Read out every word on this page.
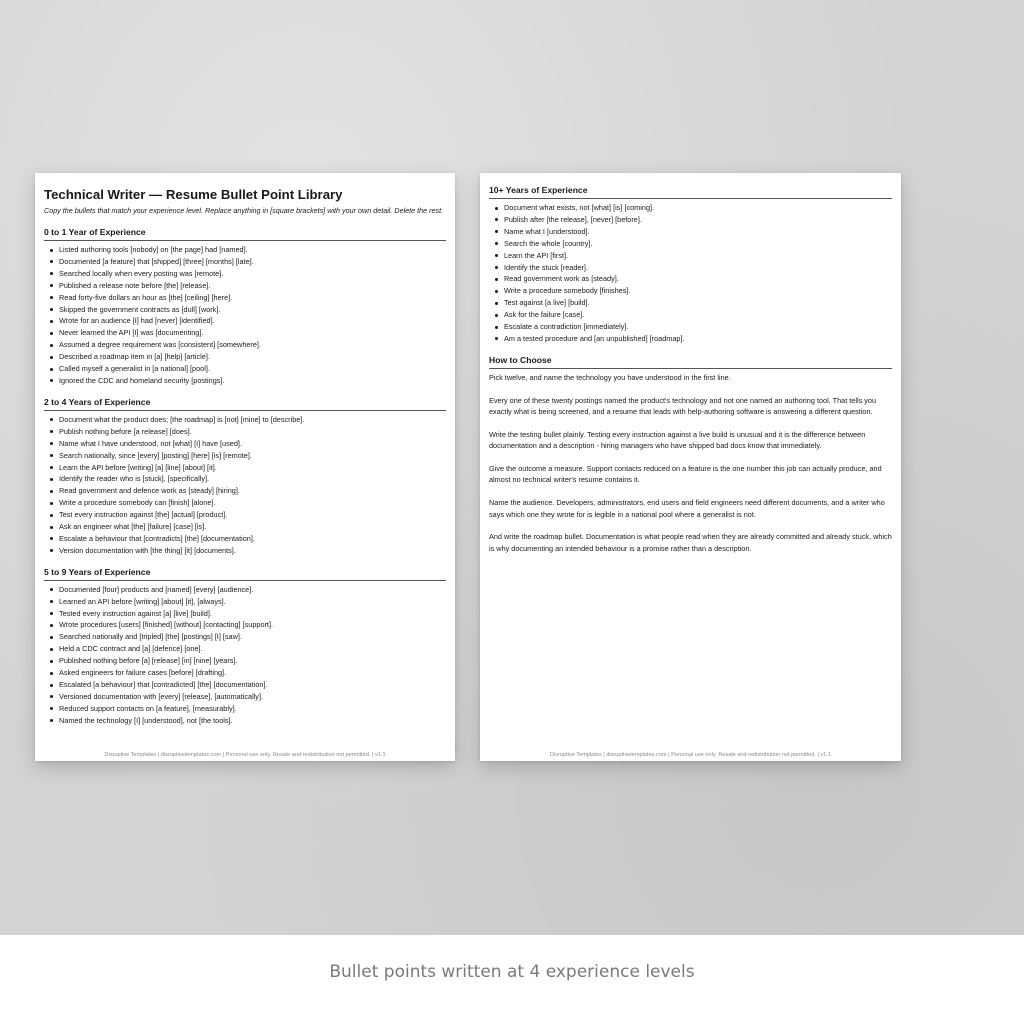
Technical Writer — Resume Bullet Point Library
Copy the bullets that match your experience level. Replace anything in [square brackets] with your own detail. Delete the rest.
0 to 1 Year of Experience
Listed authoring tools [nobody] on [the page] had [named].
Documented [a feature] that [shipped] [three] [months] [late].
Searched locally when every posting was [remote].
Published a release note before [the] [release].
Read forty-five dollars an hour as [the] [ceiling] [here].
Skipped the government contracts as [dull] [work].
Wrote for an audience [I] had [never] [identified].
Never learned the API [I] was [documenting].
Assumed a degree requirement was [consistent] [somewhere].
Described a roadmap item in [a] [help] [article].
Called myself a generalist in [a national] [pool].
Ignored the CDC and homeland security [postings].
2 to 4 Years of Experience
Document what the product does; [the roadmap] is [not] [mine] to [describe].
Publish nothing before [a release] [does].
Name what I have understood, not [what] [I] have [used].
Search nationally, since [every] [posting] [here] [is] [remote].
Learn the API before [writing] [a] [line] [about] [it].
Identify the reader who is [stuck], [specifically].
Read government and defence work as [steady] [hiring].
Write a procedure somebody can [finish] [alone].
Test every instruction against [the] [actual] [product].
Ask an engineer what [the] [failure] [case] [is].
Escalate a behaviour that [contradicts] [the] [documentation].
Version documentation with [the thing] [it] [documents].
5 to 9 Years of Experience
Documented [four] products and [named] [every] [audience].
Learned an API before [writing] [about] [it], [always].
Tested every instruction against [a] [live] [build].
Wrote procedures [users] [finished] [without] [contacting] [support].
Searched nationally and [tripled] [the] [postings] [I] [saw].
Held a CDC contract and [a] [defence] [one].
Published nothing before [a] [release] [in] [nine] [years].
Asked engineers for failure cases [before] [drafting].
Escalated [a behaviour] that [contradicted] [the] [documentation].
Versioned documentation with [every] [release], [automatically].
Reduced support contacts on [a feature], [measurably].
Named the technology [I] [understood], not [the tools].
Disruptive Templates | disruptivetemplates.com | Personal use only. Resale and redistribution not permitted. | v1.1
10+ Years of Experience
Document what exists, not [what] [is] [coming].
Publish after [the release], [never] [before].
Name what I [understood].
Search the whole [country].
Learn the API [first].
Identify the stuck [reader].
Read government work as [steady].
Write a procedure somebody [finishes].
Test against [a live] [build].
Ask for the failure [case].
Escalate a contradiction [immediately].
Am a tested procedure and [an unpublished] [roadmap].
How to Choose

Pick twelve, and name the technology you have understood in the first line.

Every one of these twenty postings named the product's technology and not one named an authoring tool. That tells you exactly what is being screened, and a resume that leads with help-authoring software is answering a different question.

Write the testing bullet plainly. Testing every instruction against a live build is unusual and it is the difference between documentation and a description - hiring managers who have shipped bad docs know that immediately.

Give the outcome a measure. Support contacts reduced on a feature is the one number this job can actually produce, and almost no technical writer's resume contains it.

Name the audience. Developers, administrators, end users and field engineers need different documents, and a writer who says which one they wrote for is legible in a national pool where a generalist is not.

And write the roadmap bullet. Documentation is what people read when they are already committed and already stuck, which is why documenting an intended behaviour is a promise rather than a description.

Disruptive Templates | disruptivetemplates.com | Personal use only. Resale and redistribution not permitted. | v1.1
Bullet points written at 4 experience levels
